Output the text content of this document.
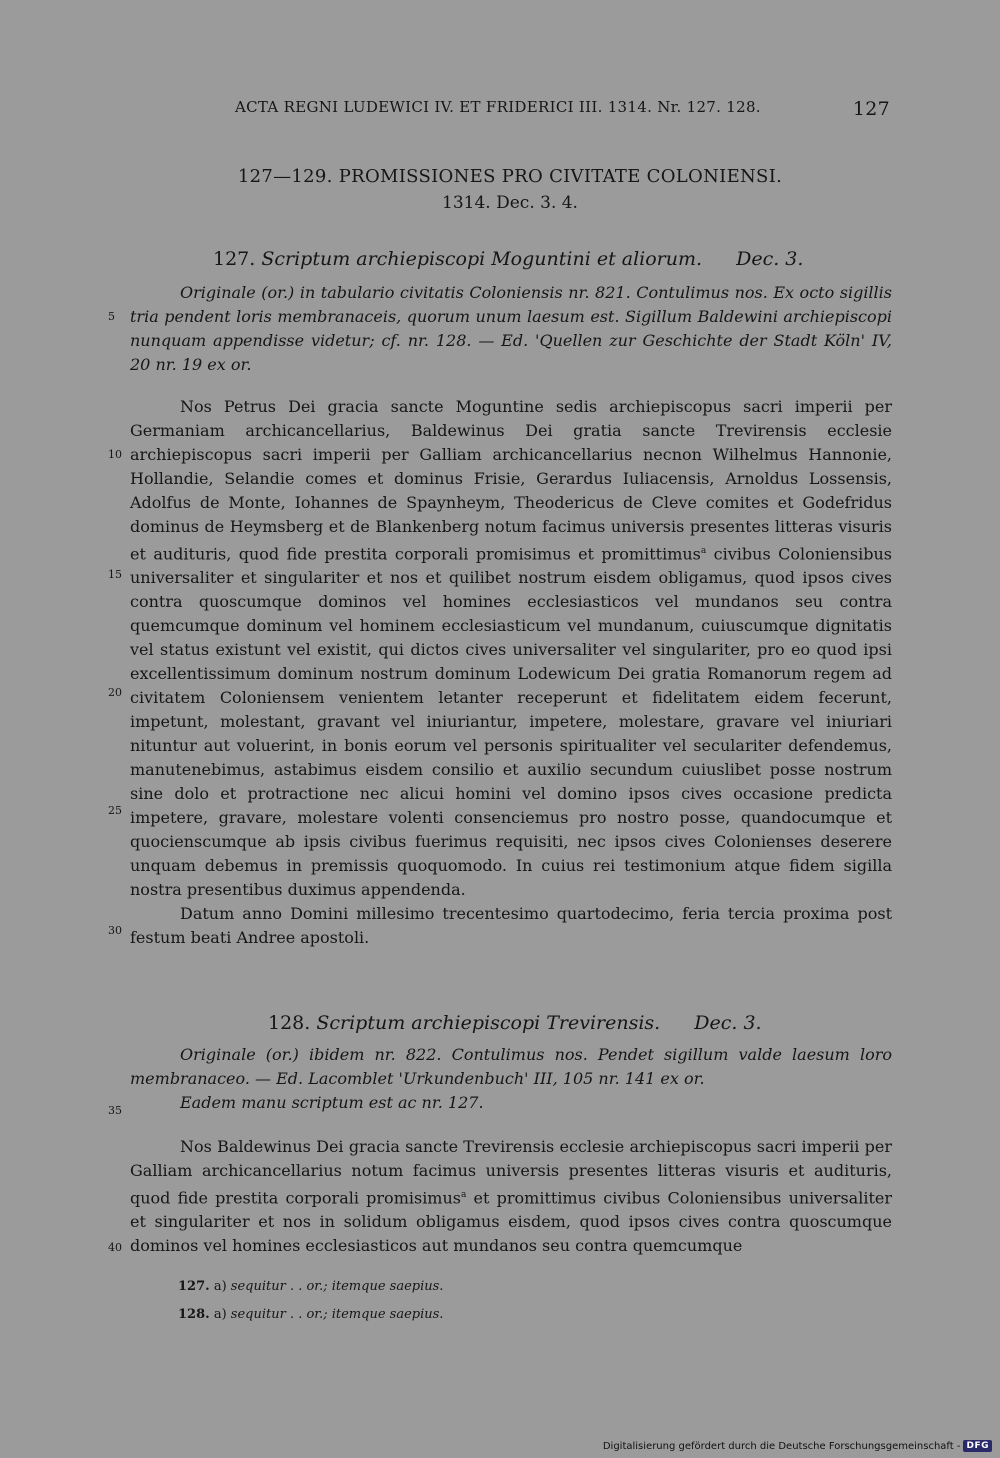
ACTA REGNI LUDEWICI IV. ET FRIDERICI III. 1314. Nr. 127. 128.	127
127—129. PROMISSIONES PRO CIVITATE COLONIENSI.
1314. Dec. 3. 4.
127. Scriptum archiepiscopi Moguntini et aliorum. Dec. 3.
Originale (or.) in tabulario civitatis Coloniensis nr. 821. Contulimus nos. Ex octo sigillis tria pendent loris membranaceis, quorum unum laesum est. Sigillum Baldewini archiepiscopi nunquam appendisse videtur; cf. nr. 128. — Ed. 'Quellen zur Geschichte der Stadt Köln' IV, 20 nr. 19 ex or.

Nos Petrus Dei gracia sancte Moguntine sedis archiepiscopus sacri imperii per Germaniam archicancellarius, Baldewinus Dei gratia sancte Trevirensis ecclesie archiepiscopus sacri imperii per Galliam archicancellarius necnon Wilhelmus Hannonie, Hollandie, Selandie comes et dominus Frisie, Gerardus Iuliacensis, Arnoldus Lossensis, Adolfus de Monte, Iohannes de Spaynheym, Theodericus de Cleve comites et Godefridus dominus de Heymsberg et de Blankenberg notum facimus universis presentes litteras visuris et audituris, quod fide prestita corporali promisimus et promittimus$^a$ civibus Coloniensibus universaliter et singulariter et nos et quilibet nostrum eisdem obligamus, quod ipsos cives contra quoscumque dominos vel homines ecclesiasticos vel mundanos seu contra quemcumque dominum vel hominem ecclesiasticum vel mundanum, cuiuscumque dignitatis vel status existunt vel existit, qui dictos cives universaliter vel singulariter, pro eo quod ipsi excellentissimum dominum nostrum dominum Lodewicum Dei gratia Romanorum regem ad civitatem Coloniensem venientem letanter receperunt et fidelitatem eidem fecerunt, impetunt, molestant, gravant vel iniuriantur, impetere, molestare, gravare vel iniuriari nituntur aut voluerint, in bonis eorum vel personis spiritualiter vel seculariter defendemus, manutenebimus, astabimus eisdem consilio et auxilio secundum cuiuslibet posse nostrum sine dolo et protractione nec alicui homini vel domino ipsos cives occasione predicta impetere, gravare, molestare volenti consenciemus pro nostro posse, quandocumque et quocienscumque ab ipsis civibus fuerimus requisiti, nec ipsos cives Colonienses deserere unquam debemus in premissis quoquomodo. In cuius rei testimonium atque fidem sigilla nostra presentibus duximus appendenda.

Datum anno Domini millesimo trecentesimo quartodecimo, feria tercia proxima post festum beati Andree apostoli.

128. Scriptum archiepiscopi Trevirensis. Dec. 3.

Originale (or.) ibidem nr. 822. Contulimus nos. Pendet sigillum valde laesum loro membranaceo. — Ed. Lacomblet 'Urkundenbuch' III, 105 nr. 141 ex or.

Eadem manu scriptum est ac nr. 127.

Nos Baldewinus Dei gracia sancte Trevirensis ecclesie archiepiscopus sacri imperii per Galliam archicancellarius notum facimus universis presentes litteras visuris et audituris, quod fide prestita corporali promisimus$^a$ et promittimus civibus Coloniensibus universaliter et singulariter et nos in solidum obligamus eisdem, quod ipsos cives contra quoscumque dominos vel homines ecclesiasticos aut mundanos seu contra quemcumque

5
10
15
20
25
30
35
40
127. a) sequitur . . or.; itemque saepius.
128. a) sequitur . . or.; itemque saepius.
Digitalisierung gefördert durch die Deutsche Forschungsgemeinschaft - DFG
